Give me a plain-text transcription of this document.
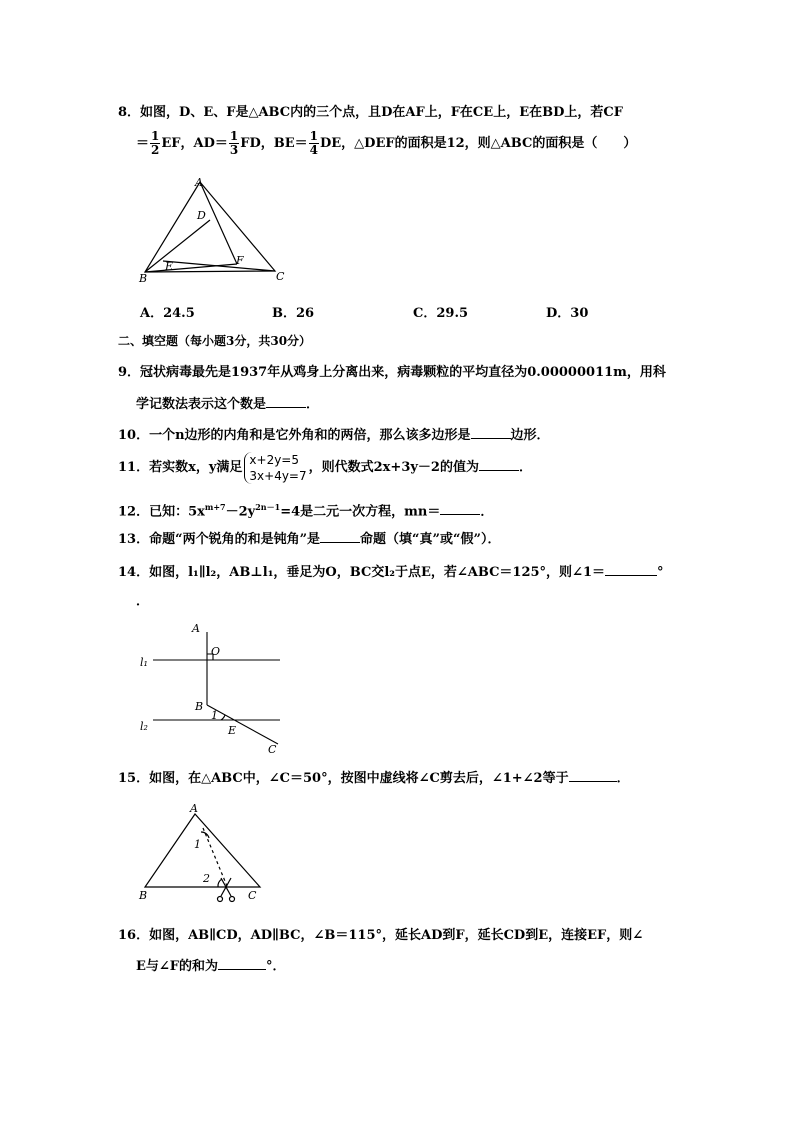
8．如图，D、E、F是△ABC内的三个点，且D在AF上，F在CE上，E在BD上，若CF
＝ $\frac{1}{2}$ EF，$AD= \frac{1}{3}$ FD，$BE= \frac{1}{4}$ DE，△DEF的面积是12，则△ABC的面积是（　　）
A
D
E	F
B	C
A．24.5	B．26	C．29.5	D．30
二、填空题（每小题3分，共30分）
9．冠状病毒最先是1937年从鸡身上分离出来，病毒颗粒的平均直径为0.00000011m，用科
学记数法表示这个数是	．
10．一个n边形的内角和是它外角和的两倍，那么该多边形是	边形．
11．若实数x，y满足
x+2y=5
3x+4y=7
，则代数式2x+3y－2的值为	．
12．已知：$5x^{m+7}-2y^{2n-1}=4$是二元一次方程，mn＝	．
13．命题“两个锐角的和是钝角”是	命题（填“真”或“假”）．
14．如图，l₁∥l₂，AB⊥l₁，垂足为O，BC交l₂于点E，若∠ABC＝125°，则∠1＝	°
．
A
O
l₁
B
1
l₂	E
C
15．如图，在△ABC中，∠C＝50°，按图中虚线将∠C剪去后，∠1+∠2等于	．
A
1
2
B	C
16．如图，AB∥CD，AD∥BC，∠B＝115°，延长AD到F，延长CD到E，连接EF，则∠
E与∠F的和为	°．
